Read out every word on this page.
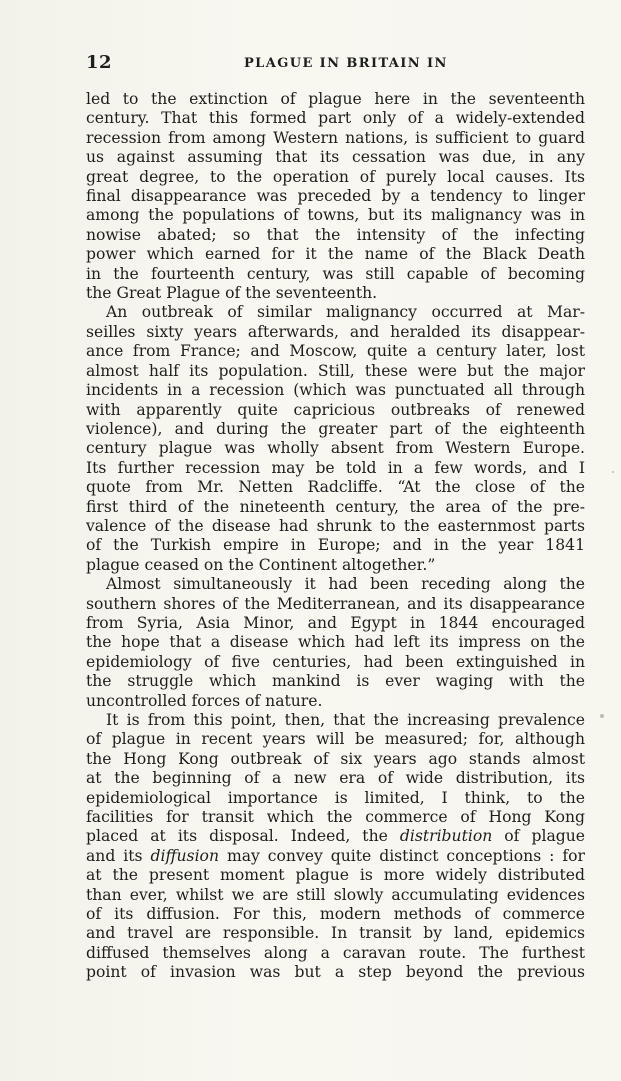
12	PLAGUE IN BRITAIN IN
led to the extinction of plague here in the seventeenth
century. That this formed part only of a widely-extended
recession from among Western nations, is sufficient to guard
us against assuming that its cessation was due, in any
great degree, to the operation of purely local causes. Its
final disappearance was preceded by a tendency to linger
among the populations of towns, but its malignancy was in
nowise abated; so that the intensity of the infecting
power which earned for it the name of the Black Death
in the fourteenth century, was still capable of becoming
the Great Plague of the seventeenth.
An outbreak of similar malignancy occurred at Mar-
seilles sixty years afterwards, and heralded its disappear-
ance from France; and Moscow, quite a century later, lost
almost half its population. Still, these were but the major
incidents in a recession (which was punctuated all through
with apparently quite capricious outbreaks of renewed
violence), and during the greater part of the eighteenth
century plague was wholly absent from Western Europe.
Its further recession may be told in a few words, and I
quote from Mr. Netten Radcliffe. “At the close of the
first third of the nineteenth century, the area of the pre-
valence of the disease had shrunk to the easternmost parts
of the Turkish empire in Europe; and in the year 1841
plague ceased on the Continent altogether.”
Almost simultaneously it had been receding along the
southern shores of the Mediterranean, and its disappearance
from Syria, Asia Minor, and Egypt in 1844 encouraged
the hope that a disease which had left its impress on the
epidemiology of five centuries, had been extinguished in
the struggle which mankind is ever waging with the
uncontrolled forces of nature.
It is from this point, then, that the increasing prevalence
of plague in recent years will be measured; for, although
the Hong Kong outbreak of six years ago stands almost
at the beginning of a new era of wide distribution, its
epidemiological importance is limited, I think, to the
facilities for transit which the commerce of Hong Kong
placed at its disposal. Indeed, the distribution of plague
and its diffusion may convey quite distinct conceptions : for
at the present moment plague is more widely distributed
than ever, whilst we are still slowly accumulating evidences
of its diffusion. For this, modern methods of commerce
and travel are responsible. In transit by land, epidemics
diffused themselves along a caravan route. The furthest
point of invasion was but a step beyond the previous
